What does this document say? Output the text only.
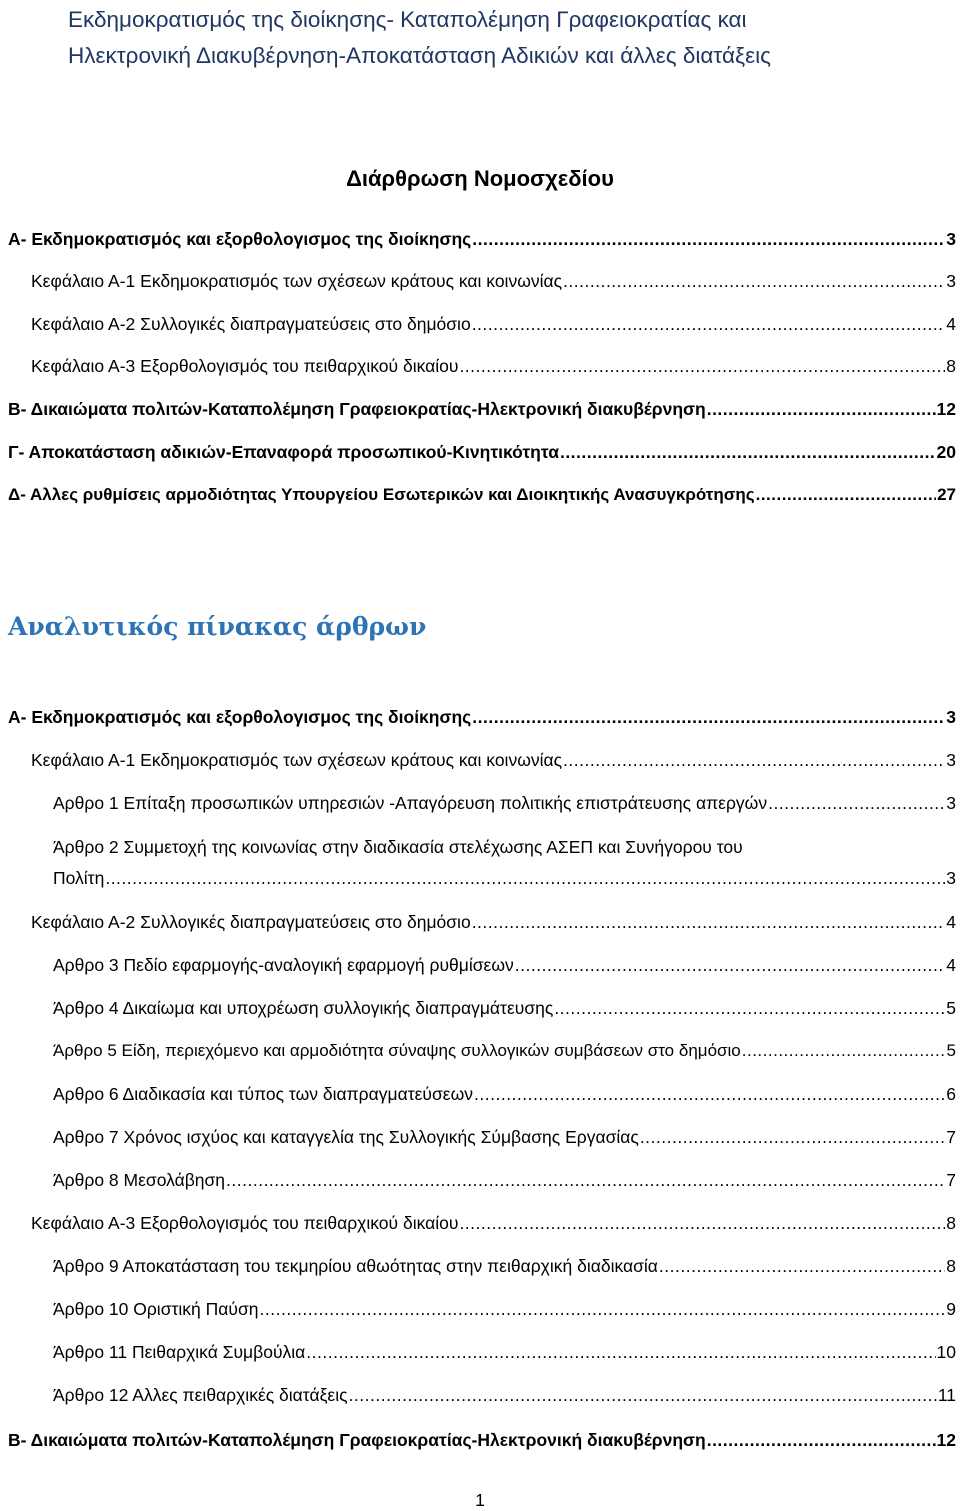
Εκδημοκρατισμός της διοίκησης- Καταπολέμηση Γραφειοκρατίας και
Ηλεκτρονική Διακυβέρνηση-Αποκατάσταση Αδικιών και άλλες διατάξεις
Διάρθρωση Νομοσχεδίου
Α- Εκδημοκρατισμός και εξορθολογισμος της διοίκησης .....	3
Κεφάλαιο Α-1 Εκδημοκρατισμός των σχέσεων κράτους και κοινωνίας .....	3
Κεφάλαιο Α-2 Συλλογικές διαπραγματεύσεις στο δημόσιο .....	4
Κεφάλαιο Α-3 Εξορθολογισμός του πειθαρχικού δικαίου .....	8
Β- Δικαιώματα πολιτών-Καταπολέμηση Γραφειοκρατίας-Ηλεκτρονική διακυβέρνηση .....	12
Γ- Αποκατάσταση αδικιών-Επαναφορά προσωπικού-Κινητικότητα .....	20
Δ- Αλλες ρυθμίσεις αρμοδιότητας Υπουργείου Εσωτερικών και Διοικητικής Ανασυγκρότησης .....	27
Αναλυτικός πίνακας άρθρων
Α- Εκδημοκρατισμός και εξορθολογισμος της διοίκησης .....	3
Κεφάλαιο Α-1 Εκδημοκρατισμός των σχέσεων κράτους και κοινωνίας .....	3
Αρθρο 1 Επίταξη προσωπικών υπηρεσιών -Απαγόρευση πολιτικής επιστράτευσης απεργών .....	3
Άρθρο 2 Συμμετοχή της κοινωνίας στην διαδικασία στελέχωσης ΑΣΕΠ και Συνήγορου του
Πολίτη .....	3
Κεφάλαιο Α-2 Συλλογικές διαπραγματεύσεις στο δημόσιο .....	4
Αρθρο 3 Πεδίο εφαρμογής-αναλογική εφαρμογή ρυθμίσεων .....	4
Άρθρο 4 Δικαίωμα και υποχρέωση συλλογικής διαπραγμάτευσης .....	5
Άρθρο 5 Είδη, περιεχόμενο και αρμοδιότητα σύναψης συλλογικών συμβάσεων στο δημόσιο .....	5
Αρθρο 6 Διαδικασία και τύπος των διαπραγματεύσεων .....	6
Αρθρο 7 Χρόνος ισχύος και καταγγελία της Συλλογικής Σύμβασης Εργασίας .....	7
Άρθρο 8 Μεσολάβηση .....	7
Κεφάλαιο Α-3 Εξορθολογισμός του πειθαρχικού δικαίου .....	8
Άρθρο 9 Αποκατάσταση του τεκμηρίου αθωότητας στην πειθαρχική διαδικασία .....	8
Άρθρο 10 Οριστική Παύση .....	9
Άρθρο 11 Πειθαρχικά Συμβούλια .....	10
Άρθρο 12 Αλλες πειθαρχικές διατάξεις .....	11
Β- Δικαιώματα πολιτών-Καταπολέμηση Γραφειοκρατίας-Ηλεκτρονική διακυβέρνηση .....	12
1
